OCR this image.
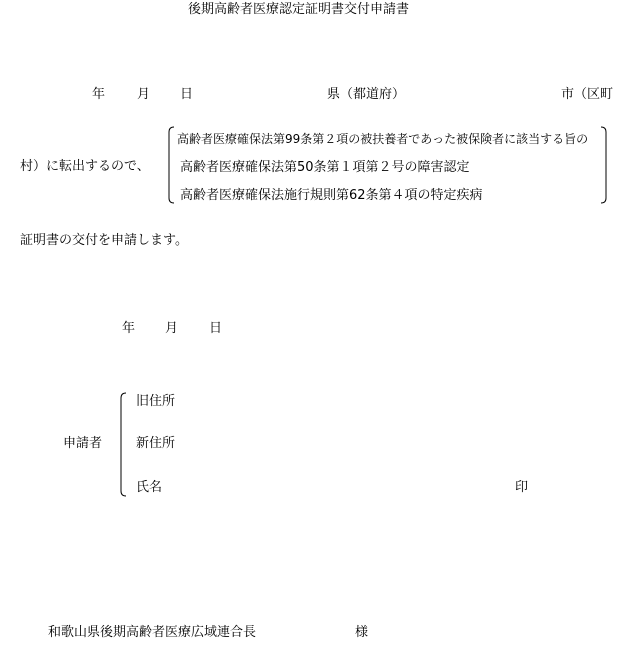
後期高齢者医療認定証明書交付申請書
年 月 日	県（都道府）	市（区町
村）に転出するので、
高齢者医療確保法第99条第２項の被扶養者であった被保険者に該当する旨の
高齢者医療確保法第50条第１項第２号の障害認定
高齢者医療確保法施行規則第62条第４項の特定疾病
証明書の交付を申請します。
年 月 日
申請者
旧住所
新住所
氏名	印
和歌山県後期高齢者医療広域連合長	様
